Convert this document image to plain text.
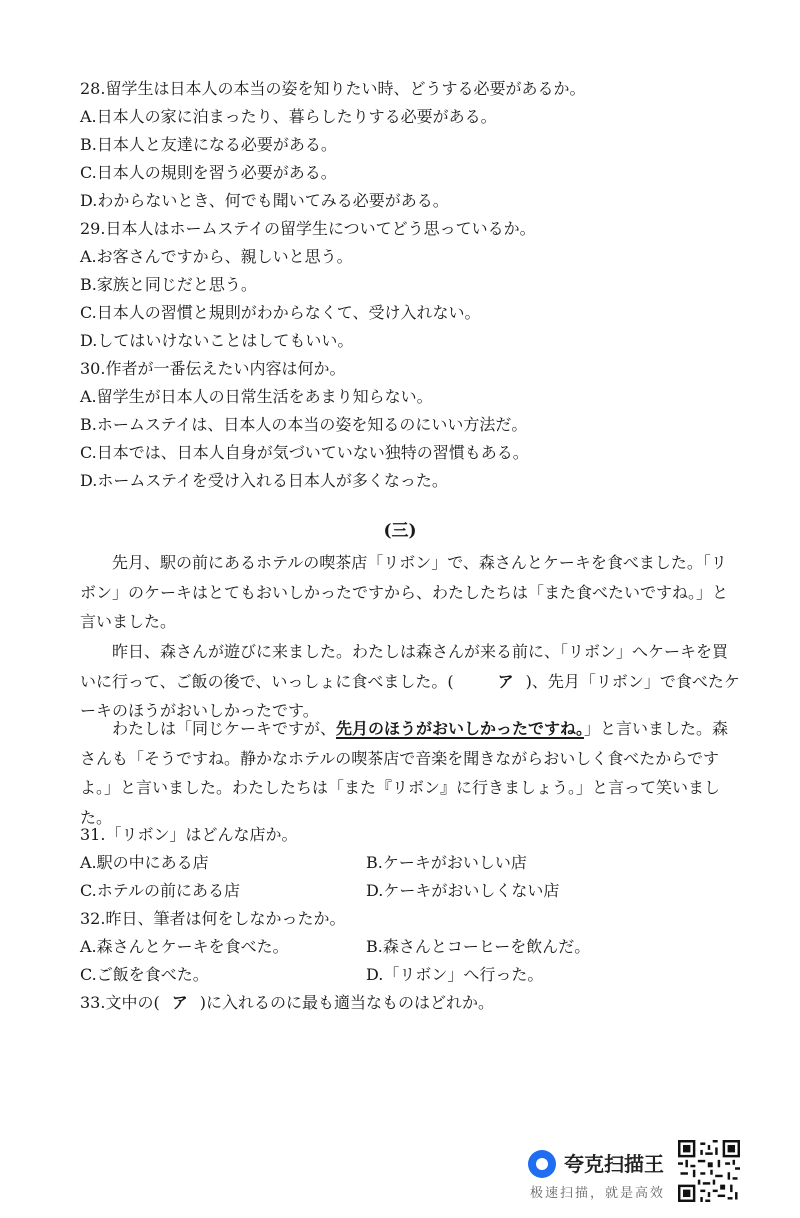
28.留学生は日本人の本当の姿を知りたい時、どうする必要があるか。
A.日本人の家に泊まったり、暮らしたりする必要がある。
B.日本人と友達になる必要がある。
C.日本人の規則を習う必要がある。
D.わからないとき、何でも聞いてみる必要がある。
29.日本人はホームステイの留学生についてどう思っているか。
A.お客さんですから、親しいと思う。
B.家族と同じだと思う。
C.日本人の習慣と規則がわからなくて、受け入れない。
D.してはいけないことはしてもいい。
30.作者が一番伝えたい内容は何か。
A.留学生が日本人の日常生活をあまり知らない。
B.ホームステイは、日本人の本当の姿を知るのにいい方法だ。
C.日本では、日本人自身が気づいていない独特の習慣もある。
D.ホームステイを受け入れる日本人が多くなった。
(三)
先月、駅の前にあるホテルの喫茶店「リボン」で、森さんとケーキを食べました。「リボン」のケーキはとてもおいしかったですから、わたしたちは「また食べたいですね。」と言いました。
昨日、森さんが遊びに来ました。わたしは森さんが来る前に、「リボン」へケーキを買いに行って、ご飯の後で、いっしょに食べました。(	ア )、先月「リボン」で食べたケーキのほうがおいしかったです。
わたしは「同じケーキですが、先月のほうがおいしかったですね。」と言いました。森さんも「そうですね。静かなホテルの喫茶店で音楽を聞きながらおいしく食べたからですよ。」と言いました。わたしたちは「また『リボン』に行きましょう。」と言って笑いました。
31.「リボン」はどんな店か。
A.駅の中にある店	B.ケーキがおいしい店
C.ホテルの前にある店	D.ケーキがおいしくない店
32.昨日、筆者は何をしなかったか。
A.森さんとケーキを食べた。	B.森さんとコーヒーを飲んだ。
C.ご飯を食べた。	D.「リボン」へ行った。
33.文中の( ア )に入れるのに最も適当なものはどれか。
夸克扫描王
极速扫描，就是高效
